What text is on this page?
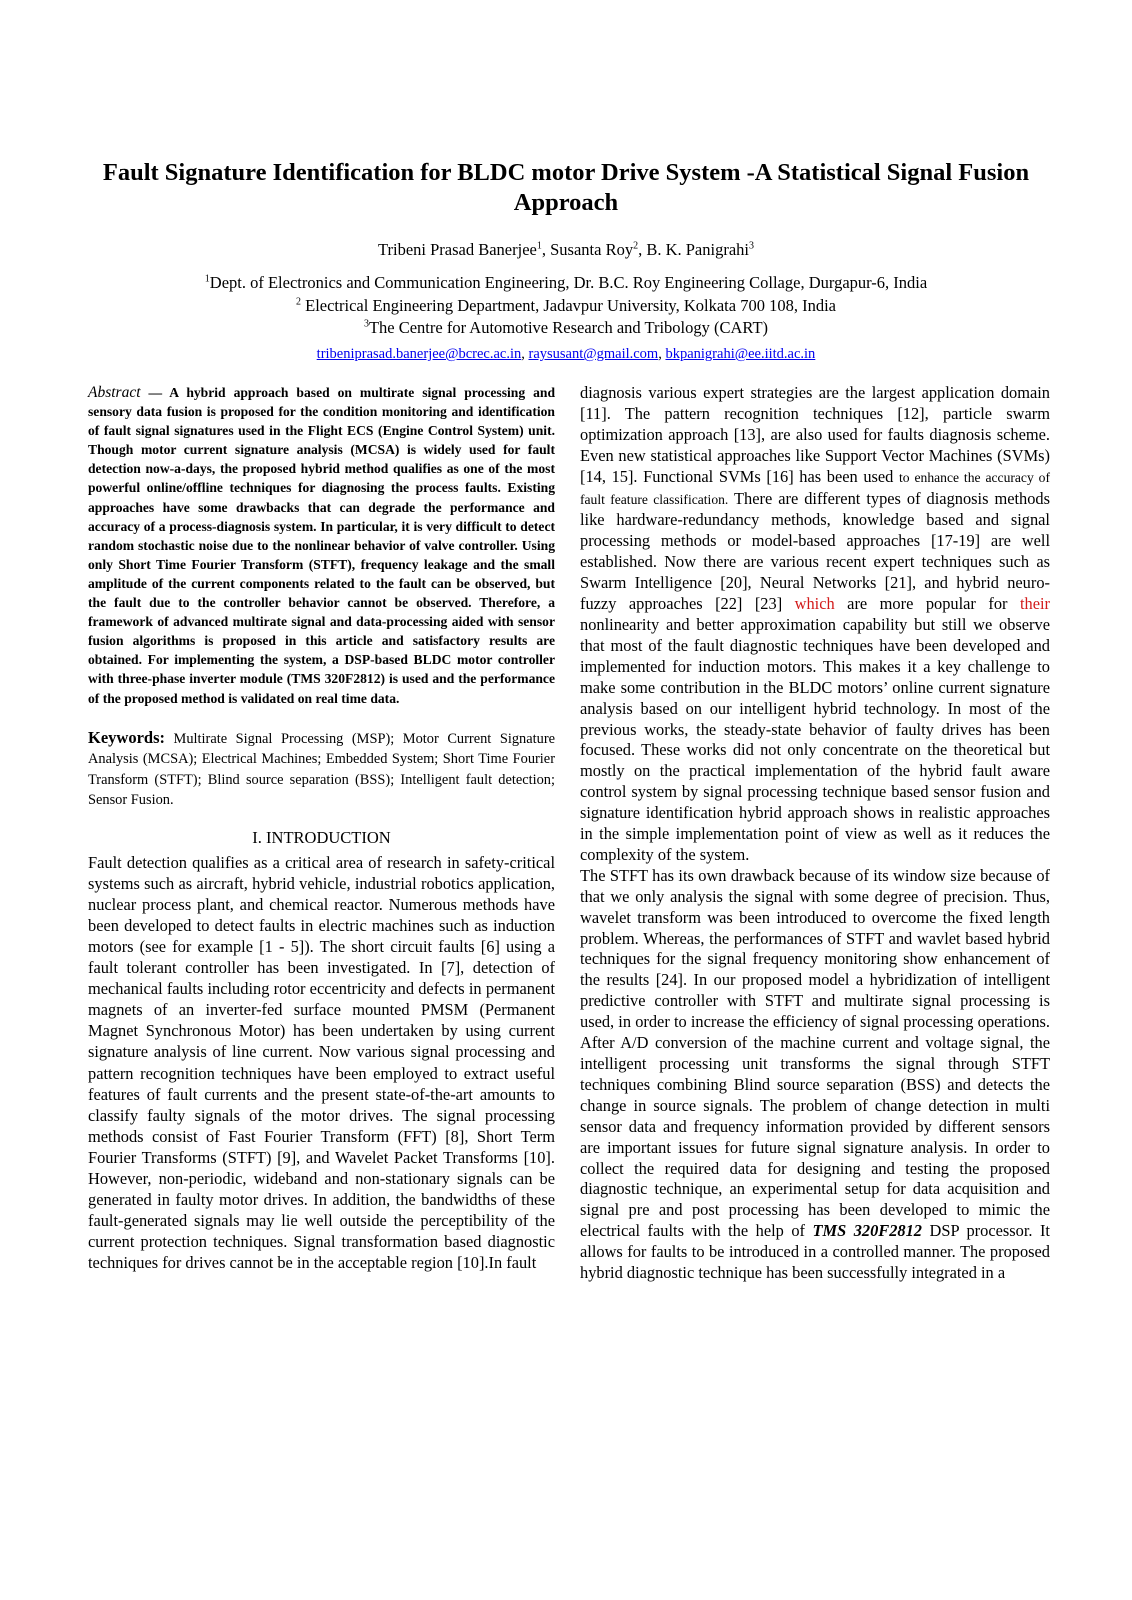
Fault Signature Identification for BLDC motor Drive System -A Statistical Signal Fusion Approach
Tribeni Prasad Banerjee$^1$, Susanta Roy$^2$, B. K. Panigrahi$^3$
$^1$Dept. of Electronics and Communication Engineering, Dr. B.C. Roy Engineering Collage, Durgapur-6, India
$^2$ Electrical Engineering Department, Jadavpur University, Kolkata 700 108, India
$^3$The Centre for Automotive Research and Tribology (CART)
tribeniprasad.banerjee@bcrec.ac.in, raysusant@gmail.com, bkpanigrahi@ee.iitd.ac.in

Abstract — A hybrid approach based on multirate signal processing and sensory data fusion is proposed for the condition monitoring and identification of fault signal signatures used in the Flight ECS (Engine Control System) unit. Though motor current signature analysis (MCSA) is widely used for fault detection now-a-days, the proposed hybrid method qualifies as one of the most powerful online/offline techniques for diagnosing the process faults. Existing approaches have some drawbacks that can degrade the performance and accuracy of a process-diagnosis system. In particular, it is very difficult to detect random stochastic noise due to the nonlinear behavior of valve controller. Using only Short Time Fourier Transform (STFT), frequency leakage and the small amplitude of the current components related to the fault can be observed, but the fault due to the controller behavior cannot be observed. Therefore, a framework of advanced multirate signal and data-processing aided with sensor fusion algorithms is proposed in this article and satisfactory results are obtained. For implementing the system, a DSP-based BLDC motor controller with three-phase inverter module (TMS 320F2812) is used and the performance of the proposed method is validated on real time data.

Keywords: Multirate Signal Processing (MSP); Motor Current Signature Analysis (MCSA); Electrical Machines; Embedded System; Short Time Fourier Transform (STFT); Blind source separation (BSS); Intelligent fault detection; Sensor Fusion.

I. INTRODUCTION

Fault detection qualifies as a critical area of research in safety-critical systems such as aircraft, hybrid vehicle, industrial robotics application, nuclear process plant, and chemical reactor. Numerous methods have been developed to detect faults in electric machines such as induction motors (see for example [1 - 5]). The short circuit faults [6] using a fault tolerant controller has been investigated. In [7], detection of mechanical faults including rotor eccentricity and defects in permanent magnets of an inverter-fed surface mounted PMSM (Permanent Magnet Synchronous Motor) has been undertaken by using current signature analysis of line current. Now various signal processing and pattern recognition techniques have been employed to extract useful features of fault currents and the present state-of-the-art amounts to classify faulty signals of the motor drives. The signal processing methods consist of Fast Fourier Transform (FFT) [8], Short Term Fourier Transforms (STFT) [9], and Wavelet Packet Transforms [10]. However, non-periodic, wideband and non-stationary signals can be generated in faulty motor drives. In addition, the bandwidths of these fault-generated signals may lie well outside the perceptibility of the current protection techniques. Signal transformation based diagnostic techniques for drives cannot be in the acceptable region [10].In fault

diagnosis various expert strategies are the largest application domain [11]. The pattern recognition techniques [12], particle swarm optimization approach [13], are also used for faults diagnosis scheme. Even new statistical approaches like Support Vector Machines (SVMs) [14, 15]. Functional SVMs [16] has been used to enhance the accuracy of fault feature classification. There are different types of diagnosis methods like hardware-redundancy methods, knowledge based and signal processing methods or model-based approaches [17-19] are well established. Now there are various recent expert techniques such as Swarm Intelligence [20], Neural Networks [21], and hybrid neuro-fuzzy approaches [22] [23] which are more popular for their nonlinearity and better approximation capability but still we observe that most of the fault diagnostic techniques have been developed and implemented for induction motors. This makes it a key challenge to make some contribution in the BLDC motors’ online current signature analysis based on our intelligent hybrid technology. In most of the previous works, the steady-state behavior of faulty drives has been focused. These works did not only concentrate on the theoretical but mostly on the practical implementation of the hybrid fault aware control system by signal processing technique based sensor fusion and signature identification hybrid approach shows in realistic approaches in the simple implementation point of view as well as it reduces the complexity of the system.

The STFT has its own drawback because of its window size because of that we only analysis the signal with some degree of precision. Thus, wavelet transform was been introduced to overcome the fixed length problem. Whereas, the performances of STFT and wavlet based hybrid techniques for the signal frequency monitoring show enhancement of the results [24]. In our proposed model a hybridization of intelligent predictive controller with STFT and multirate signal processing is used, in order to increase the efficiency of signal processing operations. After A/D conversion of the machine current and voltage signal, the intelligent processing unit transforms the signal through STFT techniques combining Blind source separation (BSS) and detects the change in source signals. The problem of change detection in multi sensor data and frequency information provided by different sensors are important issues for future signal signature analysis. In order to collect the required data for designing and testing the proposed diagnostic technique, an experimental setup for data acquisition and signal pre and post processing has been developed to mimic the electrical faults with the help of TMS 320F2812 DSP processor. It allows for faults to be introduced in a controlled manner. The proposed hybrid diagnostic technique has been successfully integrated in a
